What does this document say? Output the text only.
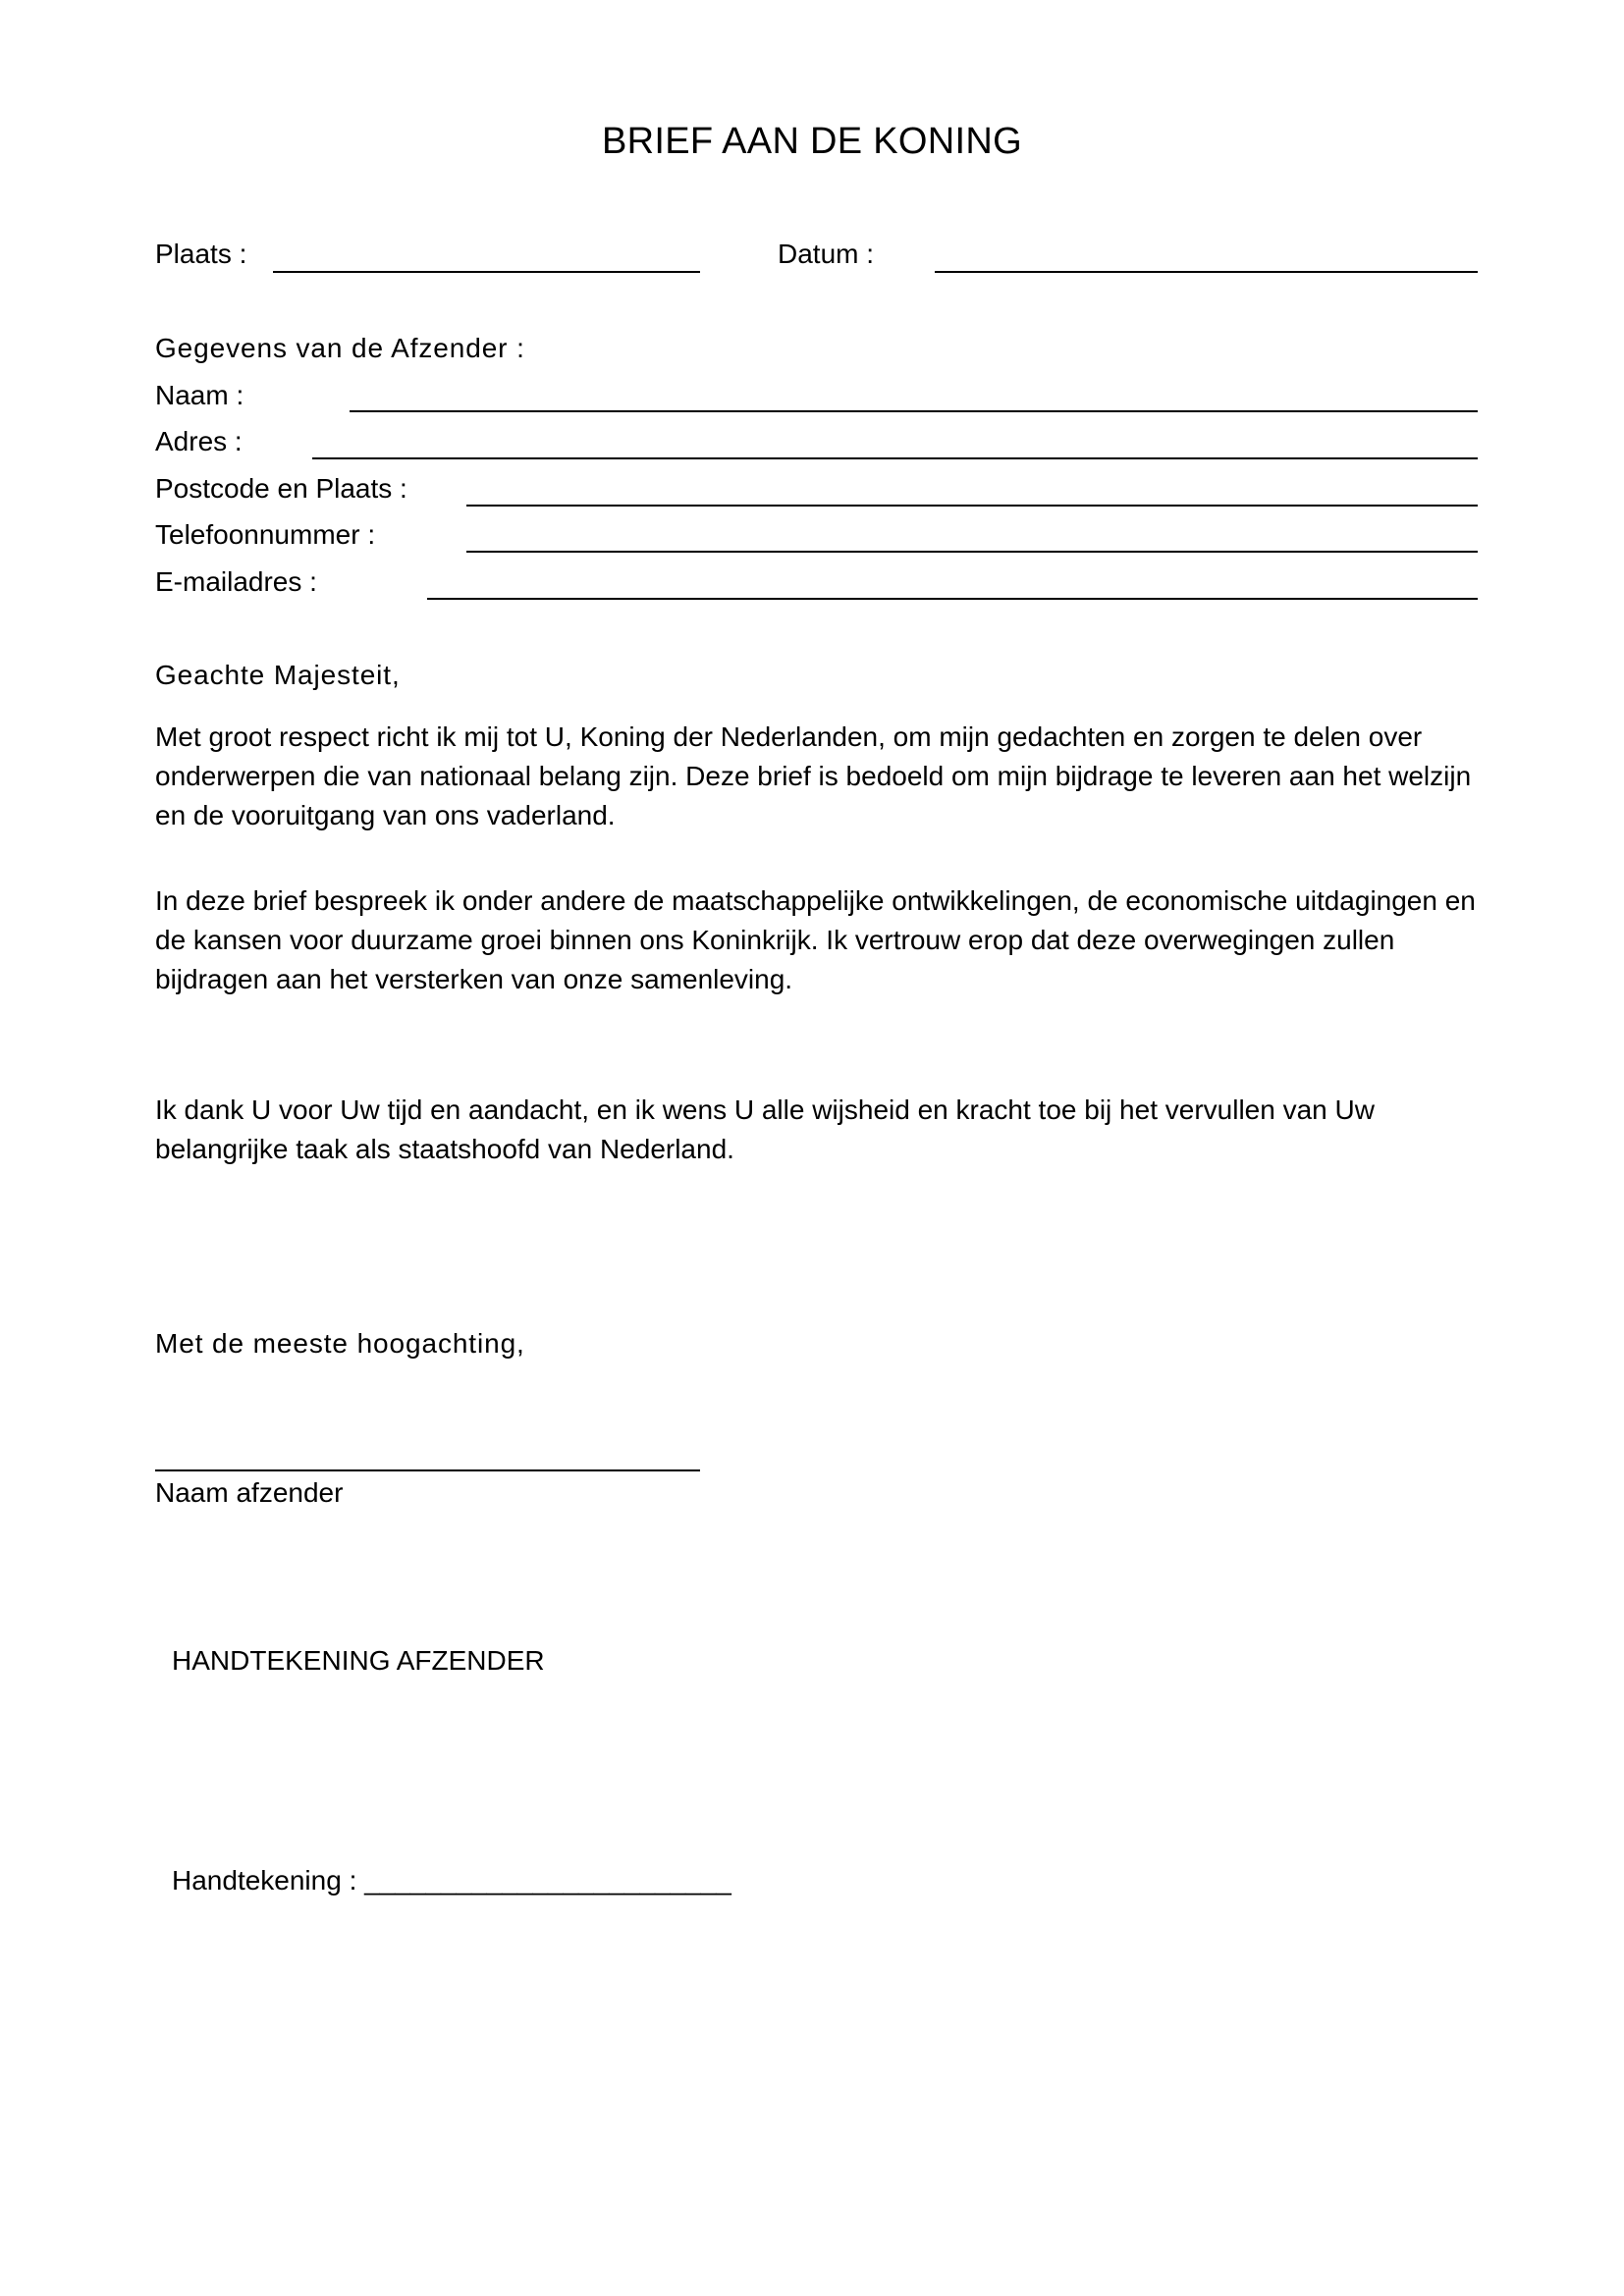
BRIEF AAN DE KONING
Plaats :	Datum :
Gegevens van de Afzender :
Naam :
Adres :
Postcode en Plaats :
Telefoonnummer :
E-mailadres :
Geachte Majesteit,
Met groot respect richt ik mij tot U, Koning der Nederlanden, om mijn gedachten en zorgen te delen over onderwerpen die van nationaal belang zijn. Deze brief is bedoeld om mijn bijdrage te leveren aan het welzijn en de vooruitgang van ons vaderland.
In deze brief bespreek ik onder andere de maatschappelijke ontwikkelingen, de economische uitdagingen en de kansen voor duurzame groei binnen ons Koninkrijk. Ik vertrouw erop dat deze overwegingen zullen bijdragen aan het versterken van onze samenleving.
Ik dank U voor Uw tijd en aandacht, en ik wens U alle wijsheid en kracht toe bij het vervullen van Uw belangrijke taak als staatshoofd van Nederland.
Met de meeste hoogachting,
Naam afzender
HANDTEKENING AFZENDER
Handtekening : ________________________
